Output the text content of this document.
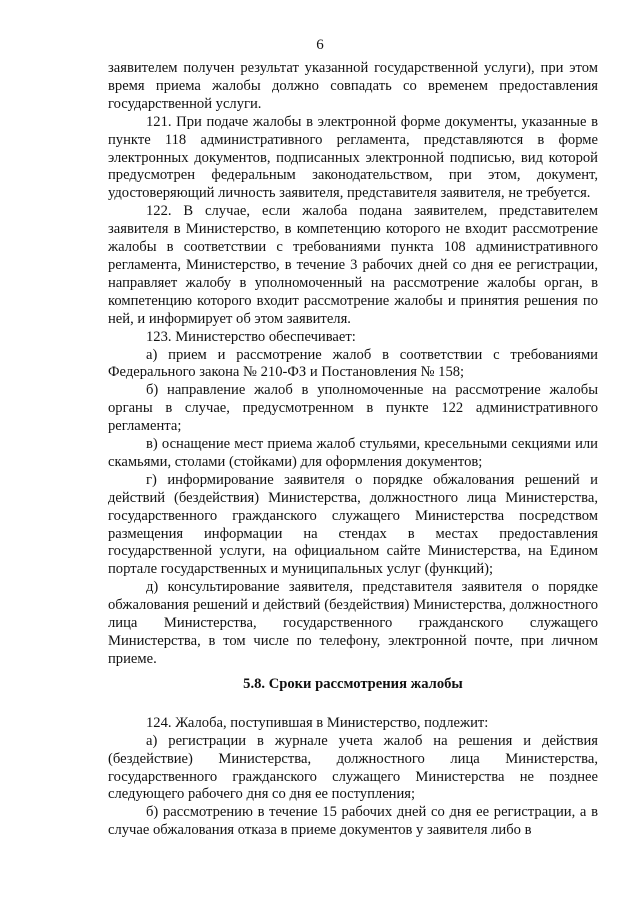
6

заявителем получен результат указанной государственной услуги), при этом время приема жалобы должно совпадать со временем предоставления государственной услуги.

121. При подаче жалобы в электронной форме документы, указанные в пункте 118 административного регламента, представляются в форме электронных документов, подписанных электронной подписью, вид которой предусмотрен федеральным законодательством, при этом, документ, удостоверяющий личность заявителя, представителя заявителя, не требуется.

122. В случае, если жалоба подана заявителем, представителем заявителя в Министерство, в компетенцию которого не входит рассмотрение жалобы в соответствии с требованиями пункта 108 административного регламента, Министерство, в течение 3 рабочих дней со дня ее регистрации, направляет жалобу в уполномоченный на рассмотрение жалобы орган, в компетенцию которого входит рассмотрение жалобы и принятия решения по ней, и информирует об этом заявителя.

123. Министерство обеспечивает:

а) прием и рассмотрение жалоб в соответствии с требованиями Федерального закона № 210-ФЗ и Постановления № 158;

б) направление жалоб в уполномоченные на рассмотрение жалобы органы в случае, предусмотренном в пункте 122 административного регламента;

в) оснащение мест приема жалоб стульями, кресельными секциями или скамьями, столами (стойками) для оформления документов;

г) информирование заявителя о порядке обжалования решений и действий (бездействия) Министерства, должностного лица Министерства, государственного гражданского служащего Министерства посредством размещения информации на стендах в местах предоставления государственной услуги, на официальном сайте Министерства, на Едином портале государственных и муниципальных услуг (функций);

д) консультирование заявителя, представителя заявителя о порядке обжалования решений и действий (бездействия) Министерства, должностного лица Министерства, государственного гражданского служащего Министерства, в том числе по телефону, электронной почте, при личном приеме.

5.8. Сроки рассмотрения жалобы

124. Жалоба, поступившая в Министерство, подлежит:

а) регистрации в журнале учета жалоб на решения и действия (бездействие) Министерства, должностного лица Министерства, государственного гражданского служащего Министерства не позднее следующего рабочего дня со дня ее поступления;

б) рассмотрению в течение 15 рабочих дней со дня ее регистрации, а в случае обжалования отказа в приеме документов у заявителя либо в
